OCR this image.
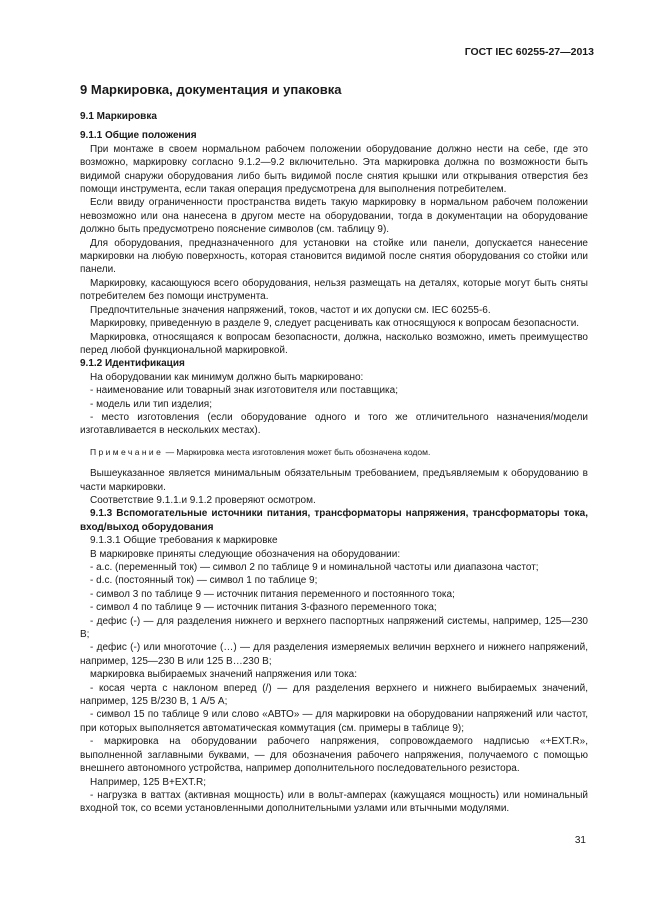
ГОСТ IEC 60255-27—2013
9 Маркировка, документация и упаковка

9.1 Маркировка

9.1.1 Общие положения

При монтаже в своем нормальном рабочем положении оборудование должно нести на себе, где это возможно, маркировку согласно 9.1.2—9.2 включительно. Эта маркировка должна по возможности быть видимой снаружи оборудования либо быть видимой после снятия крышки или открывания отверстия без помощи инструмента, если такая операция предусмотрена для выполнения потребителем.

Если ввиду ограниченности пространства видеть такую маркировку в нормальном рабочем положении невозможно или она нанесена в другом месте на оборудовании, тогда в документации на оборудование должно быть предусмотрено пояснение символов (см. таблицу 9).

Для оборудования, предназначенного для установки на стойке или панели, допускается нанесение маркировки на любую поверхность, которая становится видимой после снятия оборудования со стойки или панели.

Маркировку, касающуюся всего оборудования, нельзя размещать на деталях, которые могут быть сняты потребителем без помощи инструмента.

Предпочтительные значения напряжений, токов, частот и их допуски см. IEC 60255-6.

Маркировку, приведенную в разделе 9, следует расценивать как относящуюся к вопросам безопасности.

Маркировка, относящаяся к вопросам безопасности, должна, насколько возможно, иметь преимущество перед любой функциональной маркировкой.

9.1.2 Идентификация

На оборудовании как минимум должно быть маркировано:

- наименование или товарный знак изготовителя или поставщика;

- модель или тип изделия;

- место изготовления (если оборудование одного и того же отличительного назначения/модели изготавливается в нескольких местах).

Примечание — Маркировка места изготовления может быть обозначена кодом.

Вышеуказанное является минимальным обязательным требованием, предъявляемым к оборудованию в части маркировки.

Соответствие 9.1.1.и 9.1.2 проверяют осмотром.

9.1.3 Вспомогательные источники питания, трансформаторы напряжения, трансформаторы тока, вход/выход оборудования

9.1.3.1 Общие требования к маркировке

В маркировке приняты следующие обозначения на оборудовании:

- a.c. (переменный ток) — символ 2 по таблице 9 и номинальной частоты или диапазона частот;

- d.c. (постоянный ток) — символ 1 по таблице 9;

- символ 3 по таблице 9 — источник питания переменного и постоянного тока;

- символ 4 по таблице 9 — источник питания 3-фазного переменного тока;

- дефис (-) — для разделения нижнего и верхнего паспортных напряжений системы, например, 125—230 В;

- дефис (-) или многоточие (…) — для разделения измеряемых величин верхнего и нижнего напряжений, например, 125—230 В или 125 В…230 В;

маркировка выбираемых значений напряжения или тока:

- косая черта с наклоном вперед (/) — для разделения верхнего и нижнего выбираемых значений, например, 125 В/230 В, 1 А/5 А;

- символ 15 по таблице 9 или слово «АВТО» — для маркировки на оборудовании напряжений или частот, при которых выполняется автоматическая коммутация (см. примеры в таблице 9);

- маркировка на оборудовании рабочего напряжения, сопровождаемого надписью «+EXT.R», выполненной заглавными буквами, — для обозначения рабочего напряжения, получаемого с помощью внешнего автономного устройства, например дополнительного последовательного резистора.

Например, 125 В+EXT.R;

- нагрузка в ваттах (активная мощность) или в вольт-амперах (кажущаяся мощность) или номинальный входной ток, со всеми установленными дополнительными узлами или втычными модулями.

31
